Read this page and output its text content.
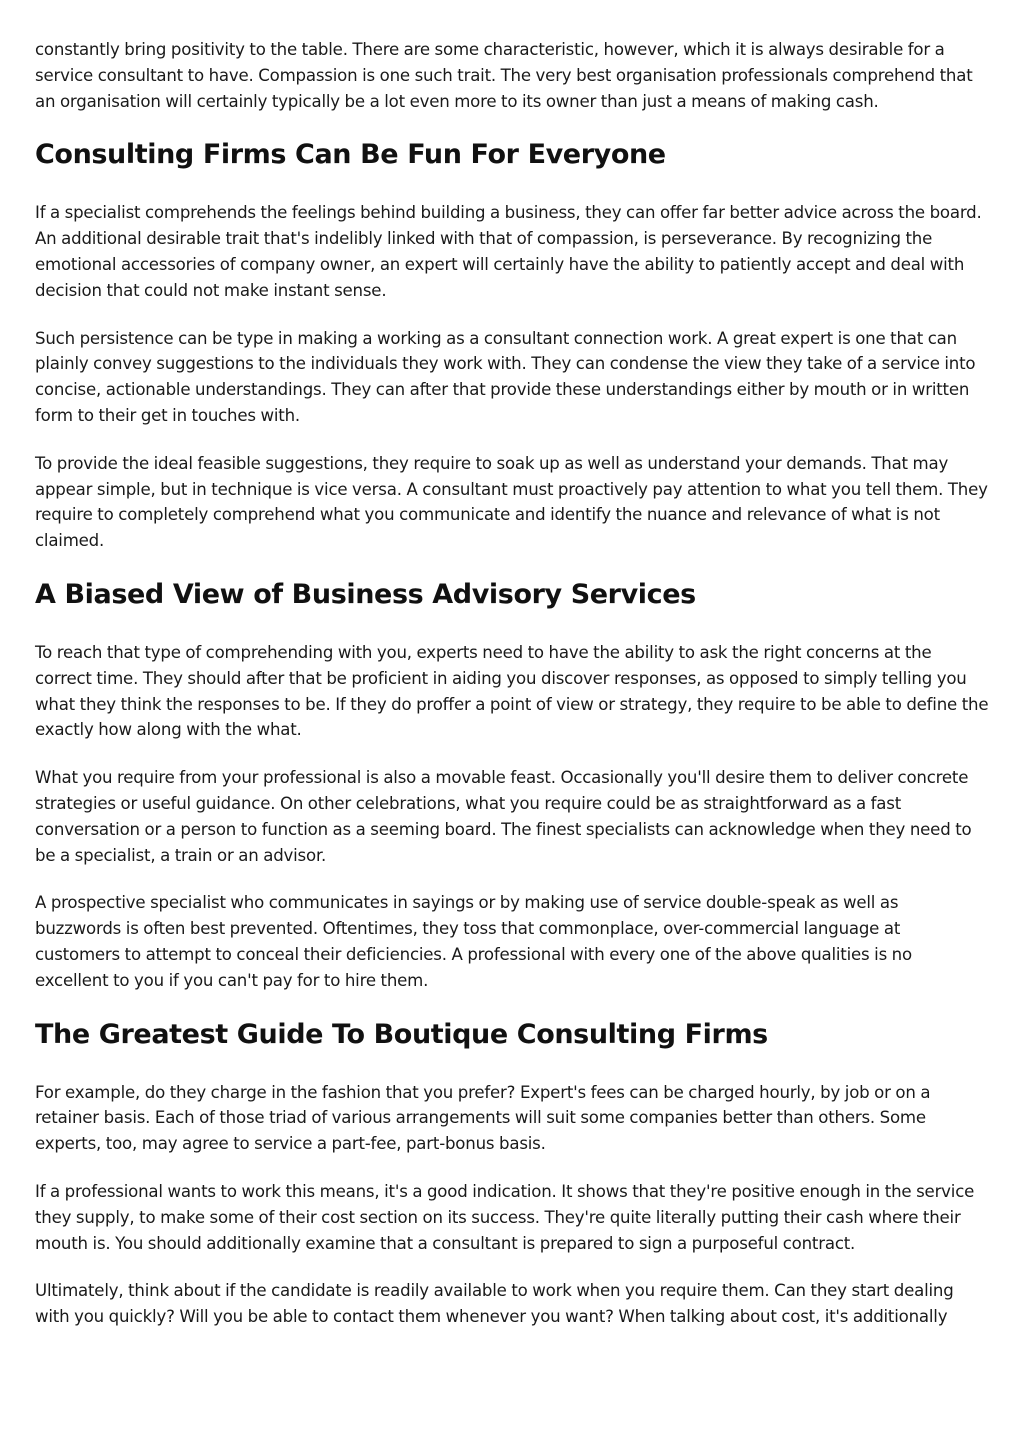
constantly bring positivity to the table. There are some characteristic, however, which it is always desirable for a service consultant to have. Compassion is one such trait. The very best organisation professionals comprehend that an organisation will certainly typically be a lot even more to its owner than just a means of making cash.

Consulting Firms Can Be Fun For Everyone

If a specialist comprehends the feelings behind building a business, they can offer far better advice across the board. An additional desirable trait that's indelibly linked with that of compassion, is perseverance. By recognizing the emotional accessories of company owner, an expert will certainly have the ability to patiently accept and deal with decision that could not make instant sense.

Such persistence can be type in making a working as a consultant connection work. A great expert is one that can plainly convey suggestions to the individuals they work with. They can condense the view they take of a service into concise, actionable understandings. They can after that provide these understandings either by mouth or in written form to their get in touches with.

To provide the ideal feasible suggestions, they require to soak up as well as understand your demands. That may appear simple, but in technique is vice versa. A consultant must proactively pay attention to what you tell them. They require to completely comprehend what you communicate and identify the nuance and relevance of what is not claimed.

A Biased View of Business Advisory Services

To reach that type of comprehending with you, experts need to have the ability to ask the right concerns at the correct time. They should after that be proficient in aiding you discover responses, as opposed to simply telling you what they think the responses to be. If they do proffer a point of view or strategy, they require to be able to define the exactly how along with the what.

What you require from your professional is also a movable feast. Occasionally you'll desire them to deliver concrete strategies or useful guidance. On other celebrations, what you require could be as straightforward as a fast conversation or a person to function as a seeming board. The finest specialists can acknowledge when they need to be a specialist, a train or an advisor.

A prospective specialist who communicates in sayings or by making use of service double-speak as well as buzzwords is often best prevented. Oftentimes, they toss that commonplace, over-commercial language at customers to attempt to conceal their deficiencies. A professional with every one of the above qualities is no excellent to you if you can't pay for to hire them.

The Greatest Guide To Boutique Consulting Firms

For example, do they charge in the fashion that you prefer? Expert's fees can be charged hourly, by job or on a retainer basis. Each of those triad of various arrangements will suit some companies better than others. Some experts, too, may agree to service a part-fee, part-bonus basis.

If a professional wants to work this means, it's a good indication. It shows that they're positive enough in the service they supply, to make some of their cost section on its success. They're quite literally putting their cash where their mouth is. You should additionally examine that a consultant is prepared to sign a purposeful contract.

Ultimately, think about if the candidate is readily available to work when you require them. Can they start dealing with you quickly? Will you be able to contact them whenever you want? When talking about cost, it's additionally
